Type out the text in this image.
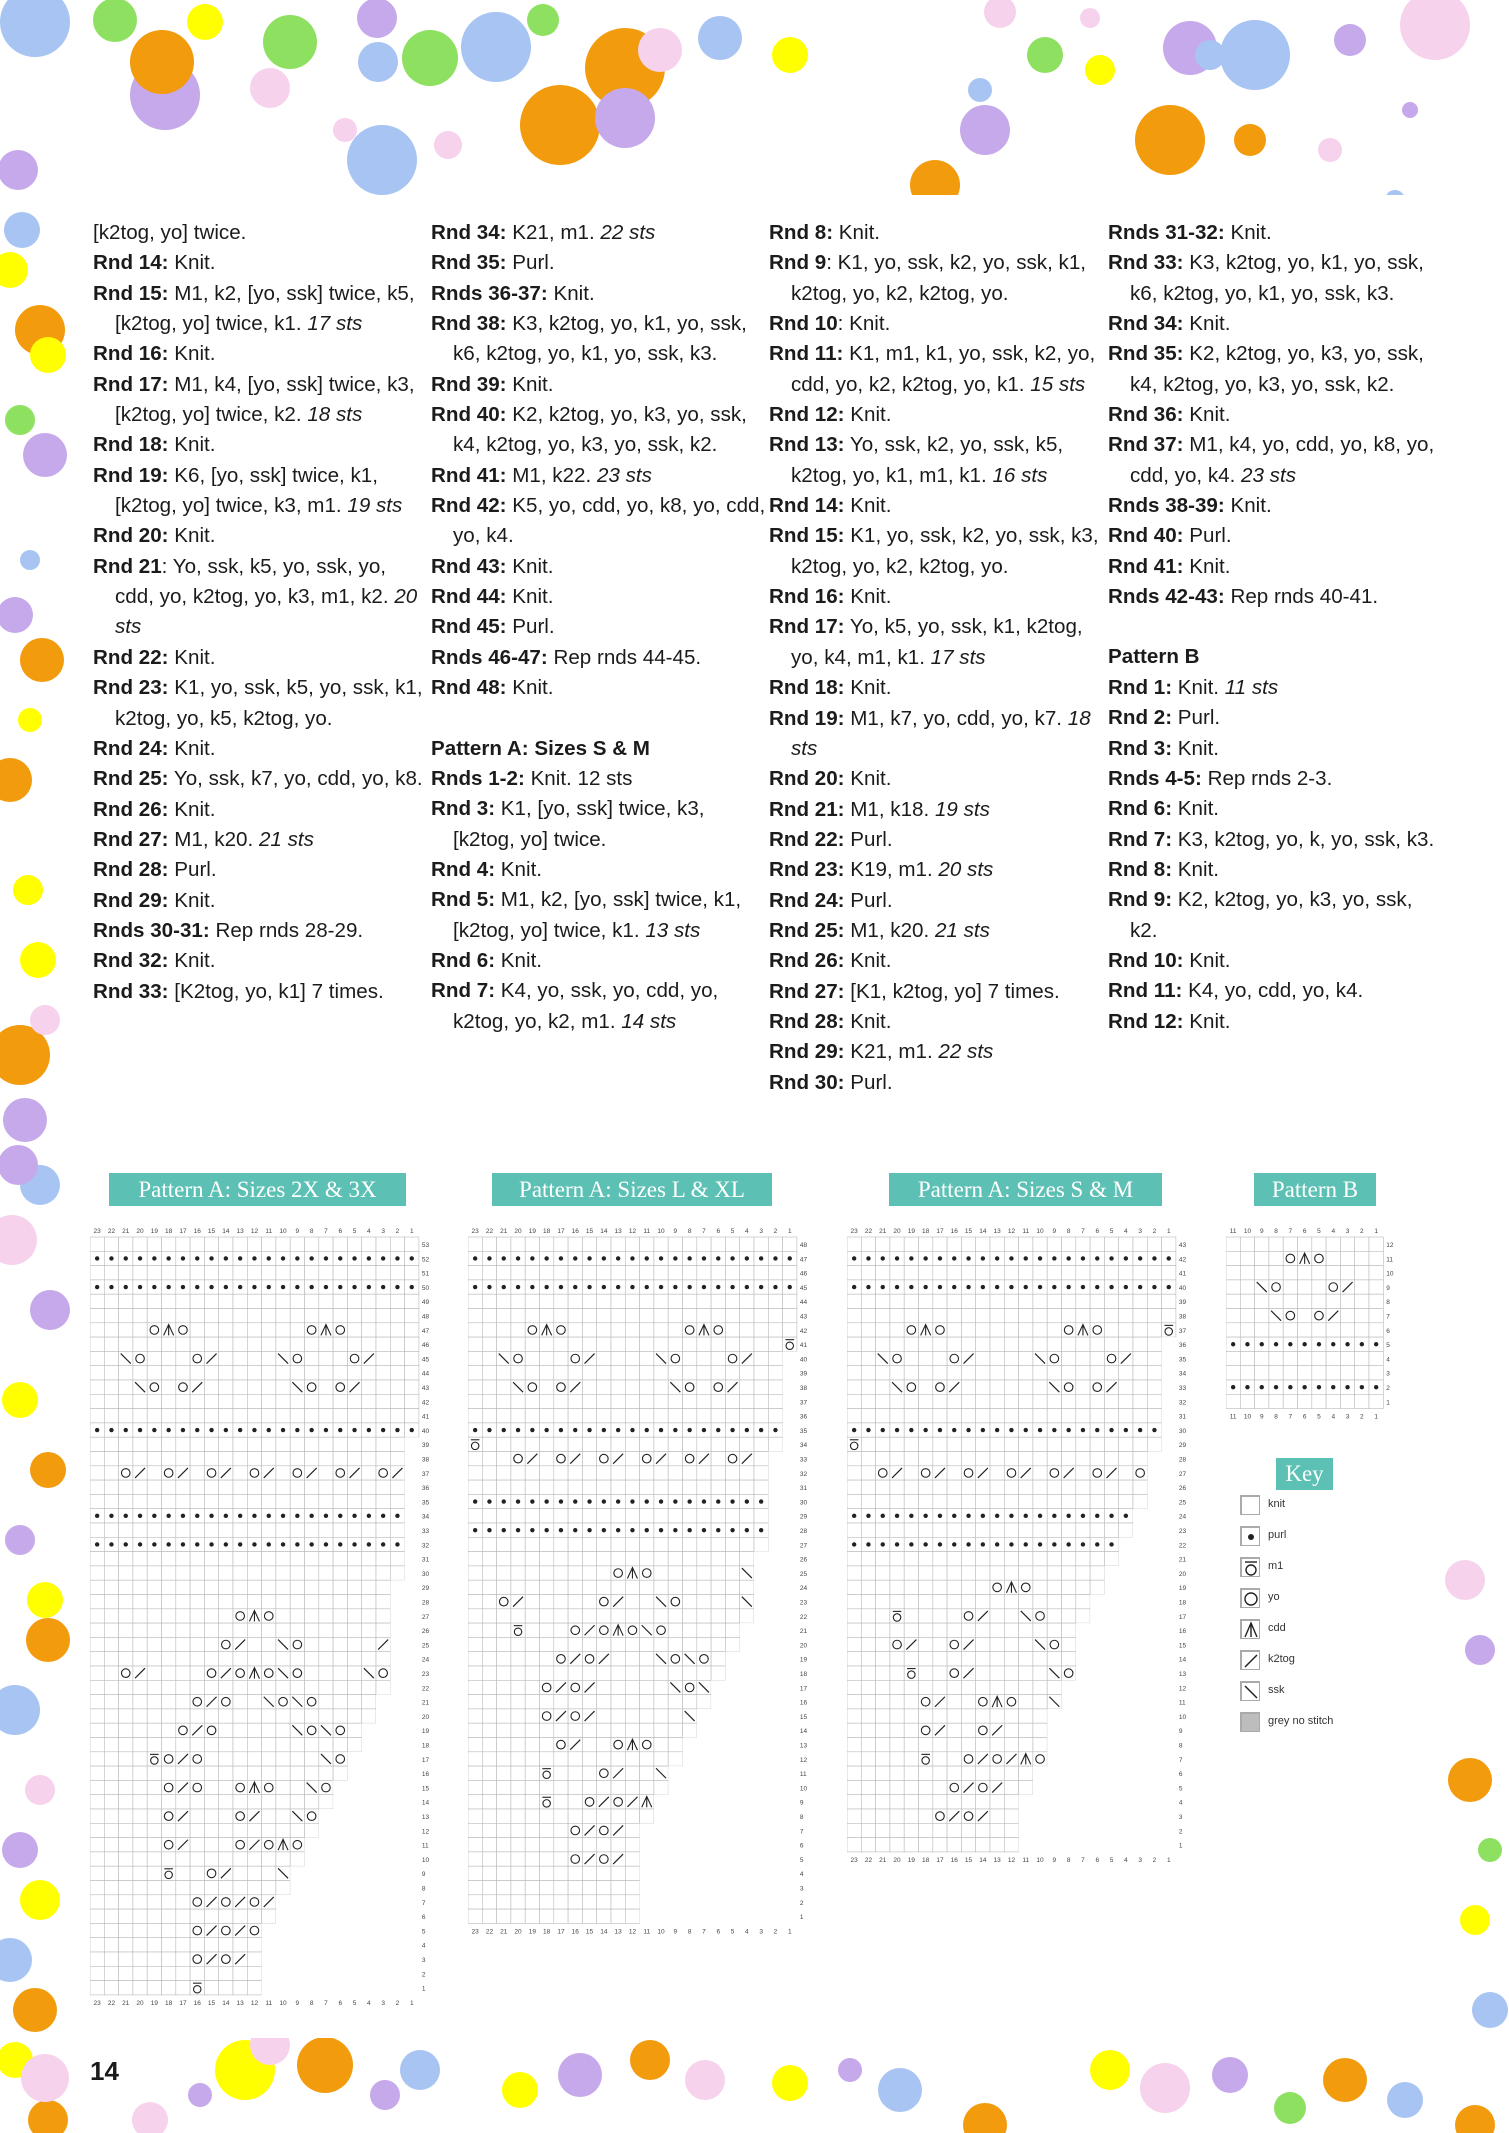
[k2tog, yo] twice.

Rnd 14: Knit.

Rnd 15: M1, k2, [yo, ssk] twice, k5, [k2tog, yo] twice, k1. 17 sts

Rnd 16: Knit.

Rnd 17: M1, k4, [yo, ssk] twice, k3, [k2tog, yo] twice, k2. 18 sts

Rnd 18: Knit.

Rnd 19: K6, [yo, ssk] twice, k1, [k2tog, yo] twice, k3, m1. 19 sts

Rnd 20: Knit.

Rnd 21: Yo, ssk, k5, yo, ssk, yo, cdd, yo, k2tog, yo, k3, m1, k2. 20 sts

Rnd 22: Knit.

Rnd 23: K1, yo, ssk, k5, yo, ssk, k1, k2tog, yo, k5, k2tog, yo.

Rnd 24: Knit.

Rnd 25: Yo, ssk, k7, yo, cdd, yo, k8.

Rnd 26: Knit.

Rnd 27: M1, k20. 21 sts

Rnd 28: Purl.

Rnd 29: Knit.

Rnds 30-31: Rep rnds 28-29.

Rnd 32: Knit.

Rnd 33: [K2tog, yo, k1] 7 times.

Rnd 34: K21, m1. 22 sts

Rnd 35: Purl.

Rnds 36-37: Knit.

Rnd 38: K3, k2tog, yo, k1, yo, ssk, k6, k2tog, yo, k1, yo, ssk, k3.

Rnd 39: Knit.

Rnd 40: K2, k2tog, yo, k3, yo, ssk, k4, k2tog, yo, k3, yo, ssk, k2.

Rnd 41: M1, k22. 23 sts

Rnd 42: K5, yo, cdd, yo, k8, yo, cdd, yo, k4.

Rnd 43: Knit.

Rnd 44: Knit.

Rnd 45: Purl.

Rnds 46-47: Rep rnds 44-45.

Rnd 48: Knit.

Pattern A: Sizes S & M

Rnds 1-2: Knit. 12 sts

Rnd 3: K1, [yo, ssk] twice, k3, [k2tog, yo] twice.

Rnd 4: Knit.

Rnd 5: M1, k2, [yo, ssk] twice, k1, [k2tog, yo] twice, k1. 13 sts

Rnd 6: Knit.

Rnd 7: K4, yo, ssk, yo, cdd, yo, k2tog, yo, k2, m1. 14 sts

Rnd 8: Knit.

Rnd 9: K1, yo, ssk, k2, yo, ssk, k1, k2tog, yo, k2, k2tog, yo.

Rnd 10: Knit.

Rnd 11: K1, m1, k1, yo, ssk, k2, yo, cdd, yo, k2, k2tog, yo, k1. 15 sts

Rnd 12: Knit.

Rnd 13: Yo, ssk, k2, yo, ssk, k5, k2tog, yo, k1, m1, k1. 16 sts

Rnd 14: Knit.

Rnd 15: K1, yo, ssk, k2, yo, ssk, k3, k2tog, yo, k2, k2tog, yo.

Rnd 16: Knit.

Rnd 17: Yo, k5, yo, ssk, k1, k2tog, yo, k4, m1, k1. 17 sts

Rnd 18: Knit.

Rnd 19: M1, k7, yo, cdd, yo, k7. 18 sts

Rnd 20: Knit.

Rnd 21: M1, k18. 19 sts

Rnd 22: Purl.

Rnd 23: K19, m1. 20 sts

Rnd 24: Purl.

Rnd 25: M1, k20. 21 sts

Rnd 26: Knit.

Rnd 27: [K1, k2tog, yo] 7 times.

Rnd 28: Knit.

Rnd 29: K21, m1. 22 sts

Rnd 30: Purl.

Rnds 31-32: Knit.

Rnd 33: K3, k2tog, yo, k1, yo, ssk, k6, k2tog, yo, k1, yo, ssk, k3.

Rnd 34: Knit.

Rnd 35: K2, k2tog, yo, k3, yo, ssk, k4, k2tog, yo, k3, yo, ssk, k2.

Rnd 36: Knit.

Rnd 37: M1, k4, yo, cdd, yo, k8, yo, cdd, yo, k4. 23 sts

Rnds 38-39: Knit.

Rnd 40: Purl.

Rnd 41: Knit.

Rnds 42-43: Rep rnds 40-41.

Pattern B

Rnd 1: Knit. 11 sts

Rnd 2: Purl.

Rnd 3: Knit.

Rnds 4-5: Rep rnds 2-3.

Rnd 6: Knit.

Rnd 7: K3, k2tog, yo, k, yo, ssk, k3.

Rnd 8: Knit.

Rnd 9: K2, k2tog, yo, k3, yo, ssk, k2.

Rnd 10: Knit.

Rnd 11: K4, yo, cdd, yo, k4.

Rnd 12: Knit.

Pattern A: Sizes 2X & 3X	Pattern A: Sizes L & XL	Pattern A: Sizes S & M	Pattern B
23 22 21 20 19 18 17 16 15 14 13 12 11 10 9 8 7 6 5 4 3 2 1
53
52
51
50
49
48
47
46
45
44
43
42
41
40
39
38
37
36
35
34
33
32
31
30
29
28
27
26
25
24
23
22
21
20
19
18
17
16
15
14
13
12
11
10
9
8
7
6
5
4
3
2
1
23 22 21 20 19 18 17 16 15 14 13 12 11 10 9 8 7 6 5 4 3 2 1
23 22 21 20 19 18 17 16 15 14 13 12 11 10 9 8 7 6 5 4 3 2 1
48
47
46
45
44
43
42
41
40
39
38
37
36
35
34
33
32
31
30
29
28
27
26
25
24
23
22
21
20
19
18
17
16
15
14
13
12
11
10
9
8
7
6
5
4
3
2
1
23 22 21 20 19 18 17 16 15 14 13 12 11 10 9 8 7 6 5 4 3 2 1
23 22 21 20 19 18 17 16 15 14 13 12 11 10 9 8 7 6 5 4 3 2 1
43
42
41
40
39
38
37
36
35
34
33
32
31
30
29
28
27
26
25
24
23
22
21
20
19
18
17
16
15
14
13
12
11
10
9
8
7
6
5
4
3
2
1
23 22 21 20 19 18 17 16 15 14 13 12 11 10 9 8 7 6 5 4 3 2 1
11 10 9 8 7 6 5 4 3 2 1
12
11
10
9
8
7
6
5
4
3
2
1
11 10 9 8 7 6 5 4 3 2 1
Key
knit
purl
m1
yo
cdd
k2tog
ssk
grey no stitch
14
